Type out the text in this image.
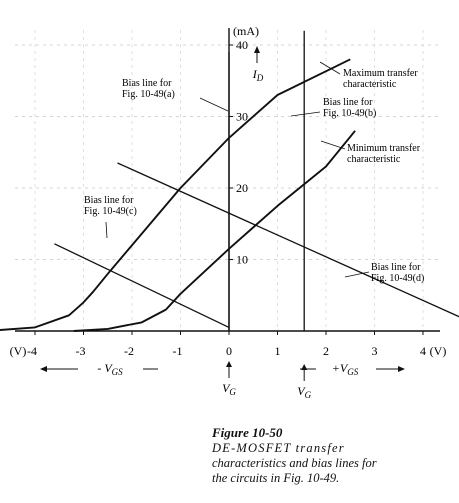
-4	-3	-2	-1	0	1	2	3	4
10
20
30
40
(V)	(V)
(mA)
$I_D$
$V_G$	$V_G$
- $V_{GS}$	$+V_{GS}$
Maximum transfer
characteristic
Bias line for
Fig. 10-49(b)
Bias line for
Fig. 10-49(a)
Minimum transfer
characteristic
Bias line for
Fig. 10-49(c)
Bias line for
Fig. 10-49(d)
Figure 10-50
DE-MOSFET transfer
characteristics and bias lines for
the circuits in Fig. 10-49.
